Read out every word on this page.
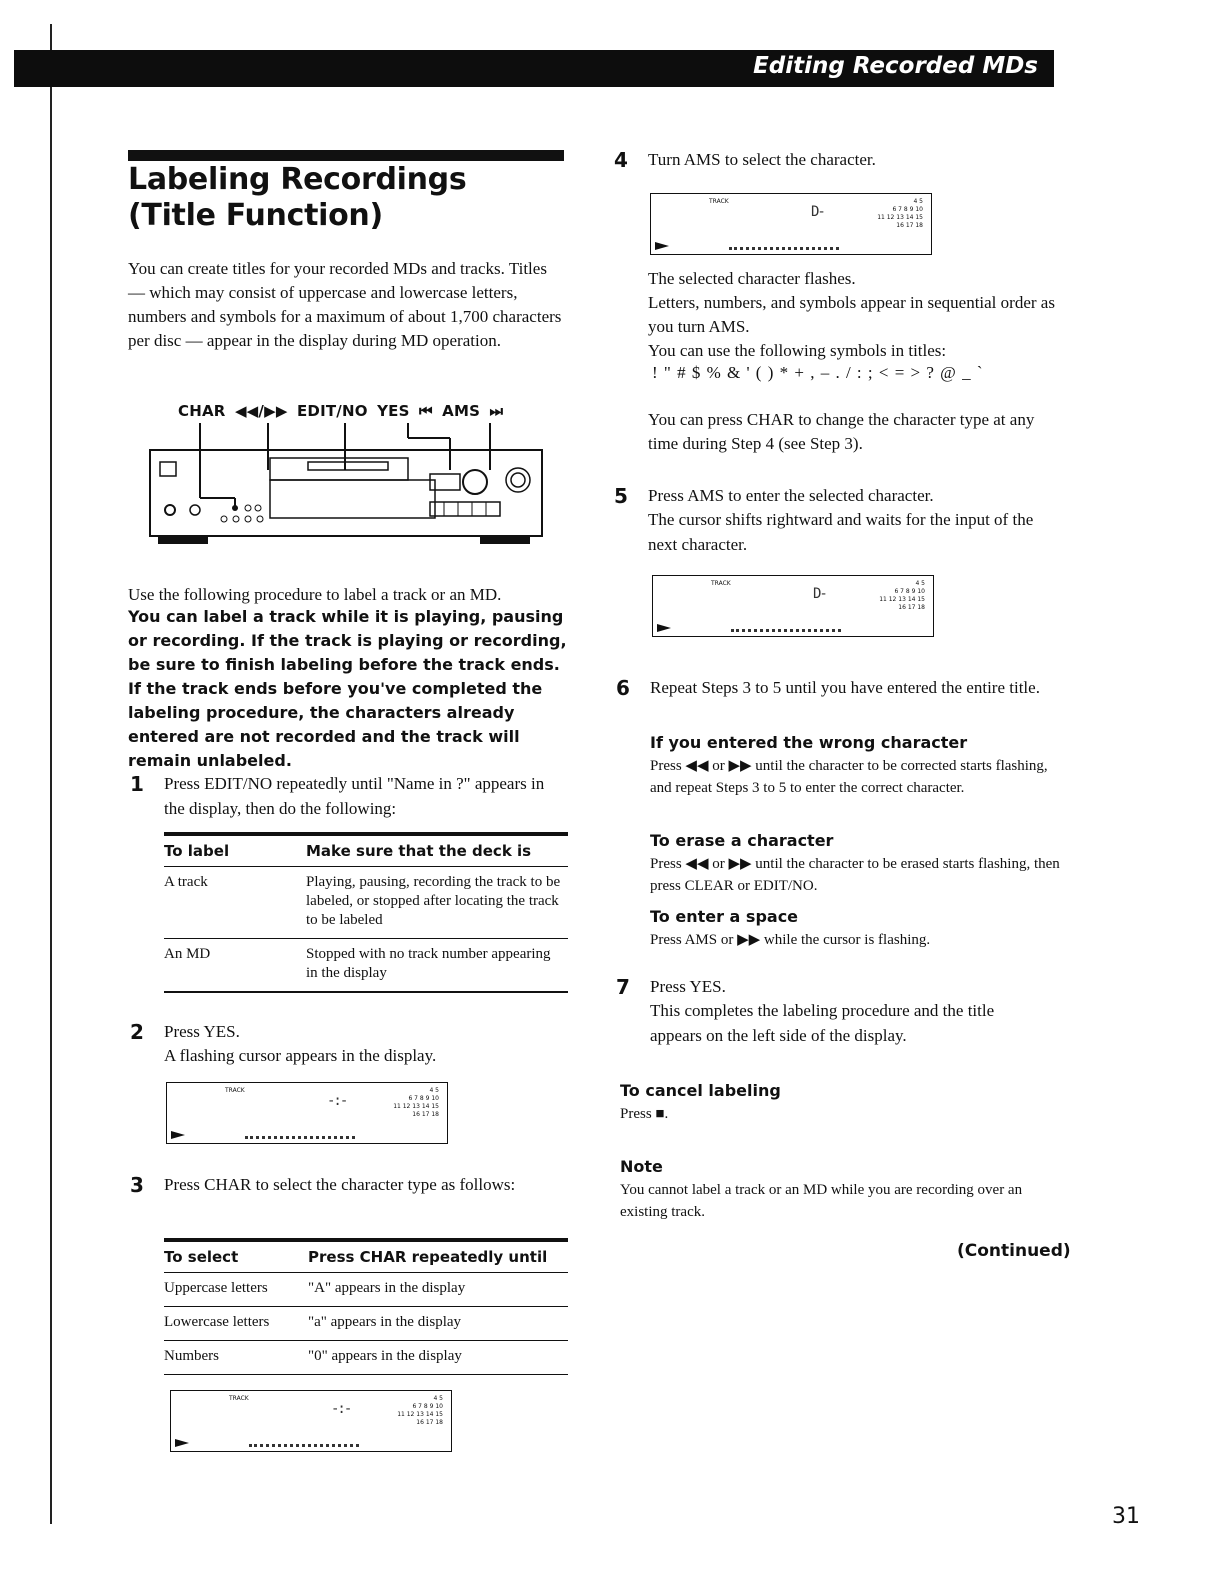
Editing Recorded MDs
Labeling Recordings
(Title Function)
You can create titles for your recorded MDs and tracks. Titles — which may consist of uppercase and lowercase letters, numbers and symbols for a maximum of about 1,700 characters per disc — appear in the display during MD operation.
CHAR ◀◀/▶▶ EDIT/NO YES ⏮ AMS ⏭
Use the following procedure to label a track or an MD.
You can label a track while it is playing, pausing or recording. If the track is playing or recording, be sure to finish labeling before the track ends. If the track ends before you've completed the labeling procedure, the characters already entered are not recorded and the track will remain unlabeled.
1 Press EDIT/NO repeatedly until "Name in ?" appears in the display, then do the following:
To label	Make sure that the deck is
A track	Playing, pausing, recording the track to be labeled, or stopped after locating the track to be labeled
An MD	Stopped with no track number appearing in the display
2 Press YES.
A flashing cursor appears in the display.
TRACK
-:-
4 5
6 7 8 9 10
11 12 13 14 15
16 17 18
3 Press CHAR to select the character type as follows:
To select	Press CHAR repeatedly until
Uppercase letters	"A" appears in the display
Lowercase letters	"a" appears in the display
Numbers	"0" appears in the display
TRACK
-:-
4 5
6 7 8 9 10
11 12 13 14 15
16 17 18
4 Turn AMS to select the character.
TRACK
D-
4 5
6 7 8 9 10
11 12 13 14 15
16 17 18
The selected character flashes.
Letters, numbers, and symbols appear in sequential order as you turn AMS.
You can use the following symbols in titles:
! " # $ % & ' ( ) * + , – . / : ; < = > ? @ _ `
You can press CHAR to change the character type at any time during Step 4 (see Step 3).
5 Press AMS to enter the selected character.
The cursor shifts rightward and waits for the input of the next character.
TRACK
D-
4 5
6 7 8 9 10
11 12 13 14 15
16 17 18
6 Repeat Steps 3 to 5 until you have entered the entire title.
If you entered the wrong character
Press ◀◀ or ▶▶ until the character to be corrected starts flashing, and repeat Steps 3 to 5 to enter the correct character.
To erase a character
Press ◀◀ or ▶▶ until the character to be erased starts flashing, then press CLEAR or EDIT/NO.
To enter a space
Press AMS or ▶▶ while the cursor is flashing.
7 Press YES.
This completes the labeling procedure and the title appears on the left side of the display.
To cancel labeling
Press ■.
Note
You cannot label a track or an MD while you are recording over an existing track.
(Continued)
31
